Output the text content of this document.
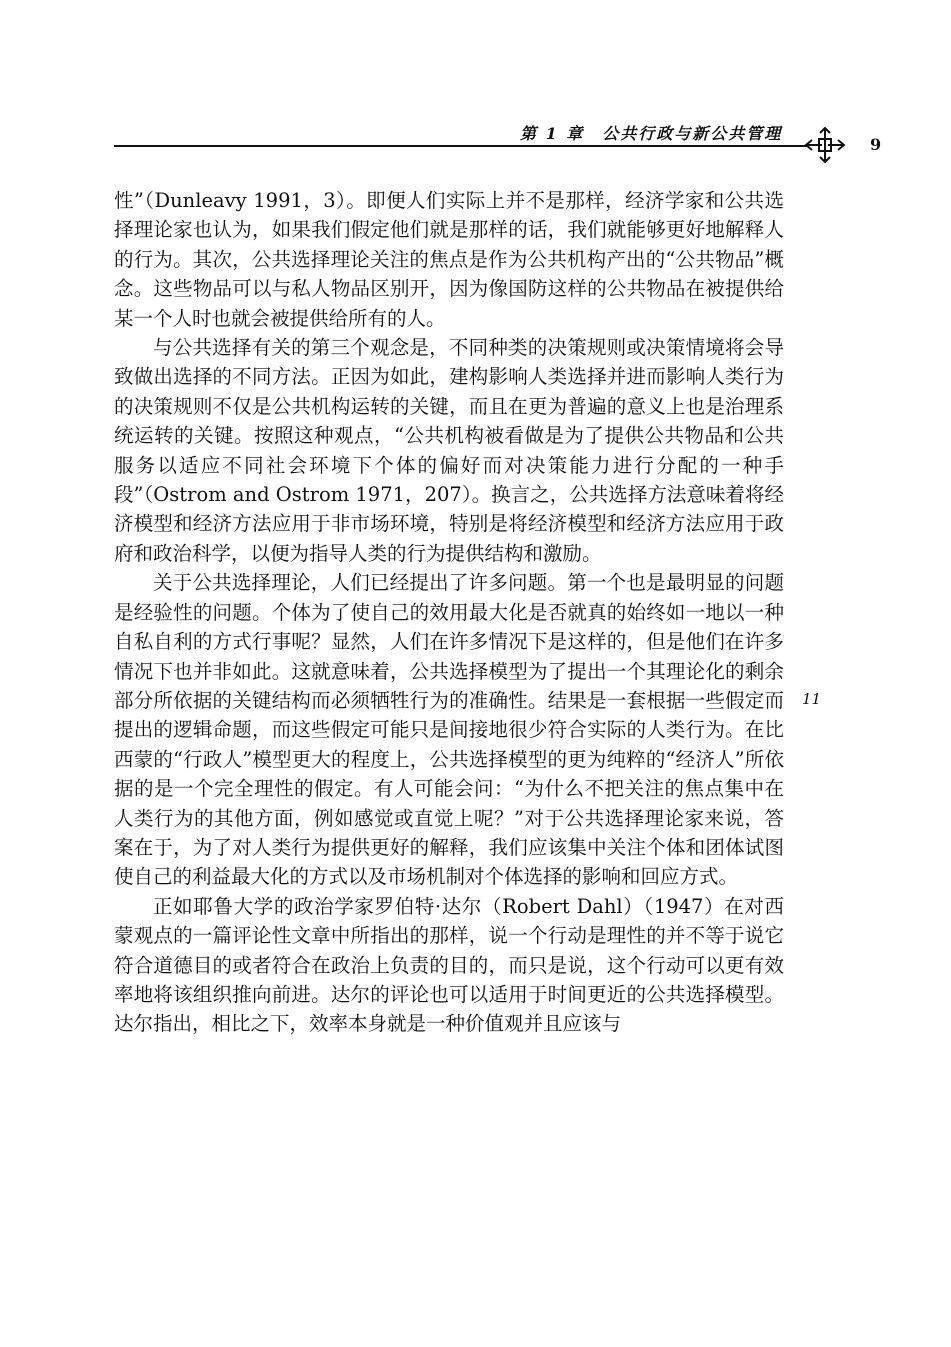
第 1 章　公共行政与新公共管理
9
11

性”（Dunleavy 1991，3）。即便人们实际上并不是那样，经济学家和公共选择理论家也认为，如果我们假定他们就是那样的话，我们就能够更好地解释人的行为。其次，公共选择理论关注的焦点是作为公共机构产出的“公共物品”概念。这些物品可以与私人物品区别开，因为像国防这样的公共物品在被提供给某一个人时也就会被提供给所有的人。

与公共选择有关的第三个观念是，不同种类的决策规则或决策情境将会导致做出选择的不同方法。正因为如此，建构影响人类选择并进而影响人类行为的决策规则不仅是公共机构运转的关键，而且在更为普遍的意义上也是治理系统运转的关键。按照这种观点，“公共机构被看做是为了提供公共物品和公共服务以适应不同社会环境下个体的偏好而对决策能力进行分配的一种手段”（Ostrom and Ostrom 1971，207）。换言之，公共选择方法意味着将经济模型和经济方法应用于非市场环境，特别是将经济模型和经济方法应用于政府和政治科学，以便为指导人类的行为提供结构和激励。

关于公共选择理论，人们已经提出了许多问题。第一个也是最明显的问题是经验性的问题。个体为了使自己的效用最大化是否就真的始终如一地以一种自私自利的方式行事呢？显然，人们在许多情况下是这样的，但是他们在许多情况下也并非如此。这就意味着，公共选择模型为了提出一个其理论化的剩余部分所依据的关键结构而必须牺牲行为的准确性。结果是一套根据一些假定而提出的逻辑命题，而这些假定可能只是间接地很少符合实际的人类行为。在比西蒙的“行政人”模型更大的程度上，公共选择模型的更为纯粹的“经济人”所依据的是一个完全理性的假定。有人可能会问：“为什么不把关注的焦点集中在人类行为的其他方面，例如感觉或直觉上呢？”对于公共选择理论家来说，答案在于，为了对人类行为提供更好的解释，我们应该集中关注个体和团体试图使自己的利益最大化的方式以及市场机制对个体选择的影响和回应方式。

正如耶鲁大学的政治学家罗伯特·达尔（Robert Dahl）（1947）在对西蒙观点的一篇评论性文章中所指出的那样，说一个行动是理性的并不等于说它符合道德目的或者符合在政治上负责的目的，而只是说，这个行动可以更有效率地将该组织推向前进。达尔的评论也可以适用于时间更近的公共选择模型。达尔指出，相比之下，效率本身就是一种价值观并且应该与
